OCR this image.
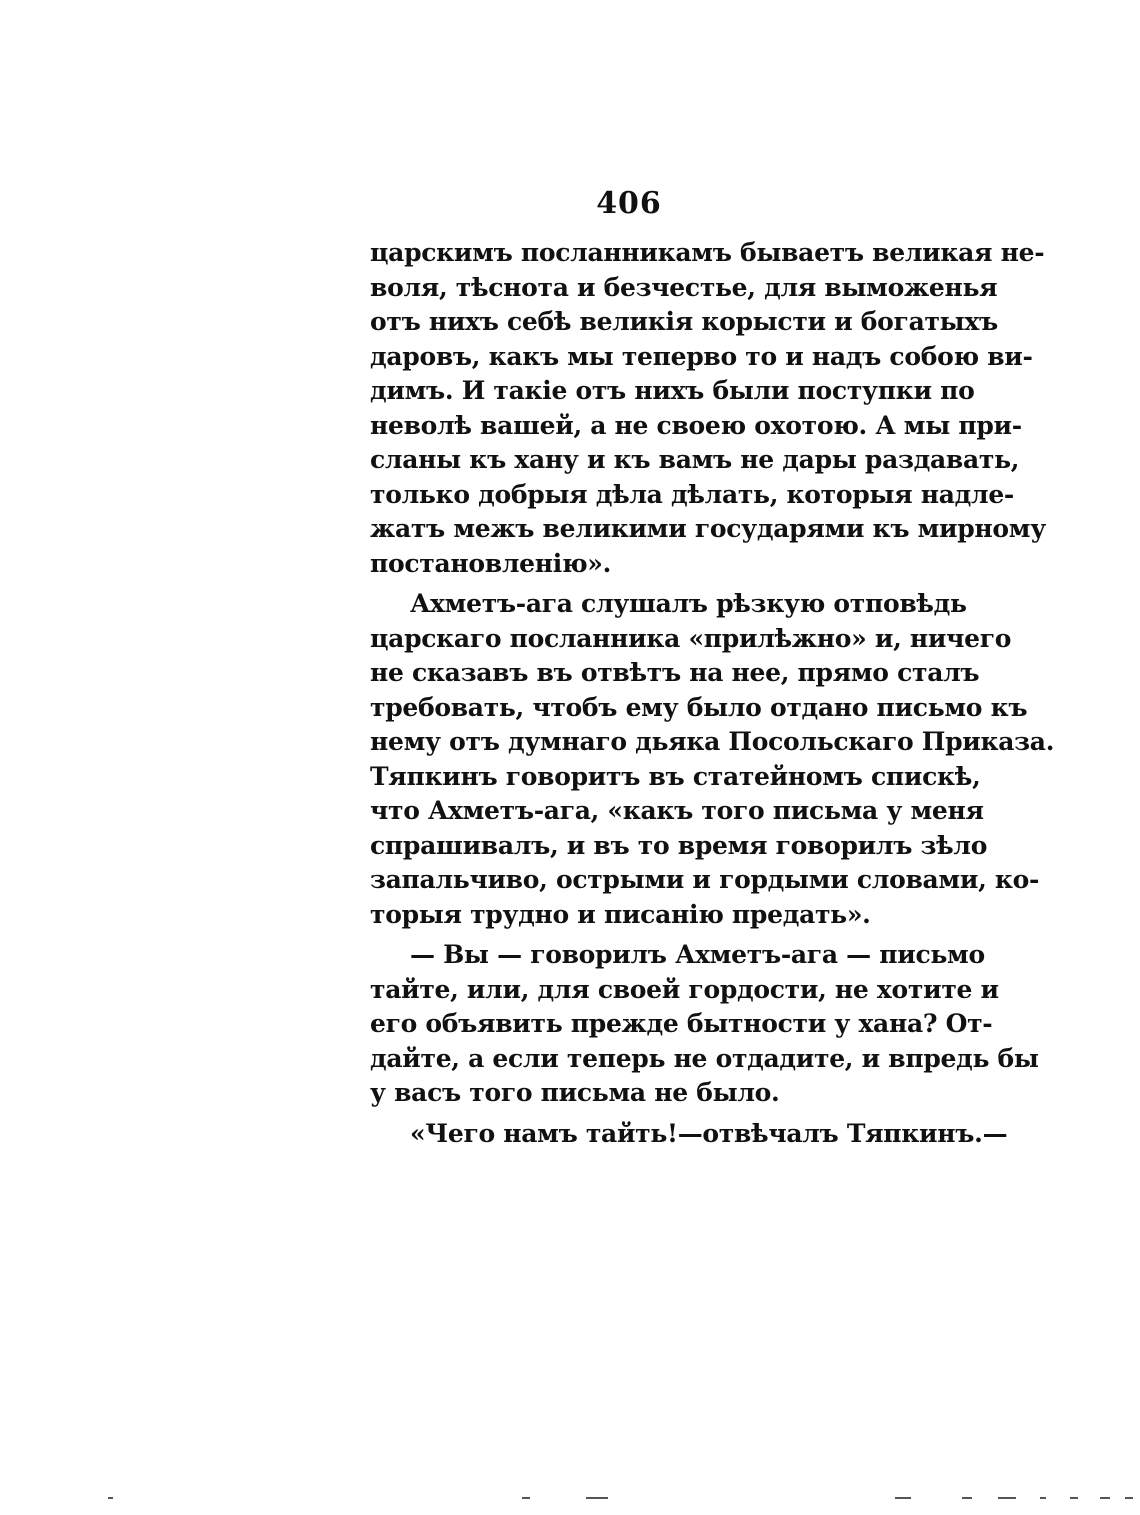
406
царскимъ посланникамъ бываетъ великая не-
воля, тѣснота и безчестье, для выможенья
отъ нихъ себѣ великія корысти и богатыхъ
даровъ, какъ мы теперво то и надъ собою ви-
димъ. И такіе отъ нихъ были поступки по
неволѣ вашей, а не своею охотою. А мы при-
сланы къ хану и къ вамъ не дары раздавать,
только добрыя дѣла дѣлать, которыя надле-
жатъ межъ великими государями къ мирному
постановленію».
Ахметъ-ага слушалъ рѣзкую отповѣдь
царскаго посланника «прилѣжно» и, ничего
не сказавъ въ отвѣтъ на нее, прямо сталъ
требовать, чтобъ ему было отдано письмо къ
нему отъ думнаго дьяка Посольскаго Приказа.
Тяпкинъ говоритъ въ статейномъ спискѣ,
что Ахметъ-ага, «какъ того письма у меня
спрашивалъ, и въ то время говорилъ зѣло
запальчиво, острыми и гордыми словами, ко-
торыя трудно и писанію предать».
— Вы — говорилъ Ахметъ-ага — письмо
тайте, или, для своей гордости, не хотите и
его объявить прежде бытности у хана? От-
дайте, а если теперь не отдадите, и впредь бы
у васъ того письма не было.
«Чего намъ тайть!—отвѣчалъ Тяпкинъ.—
